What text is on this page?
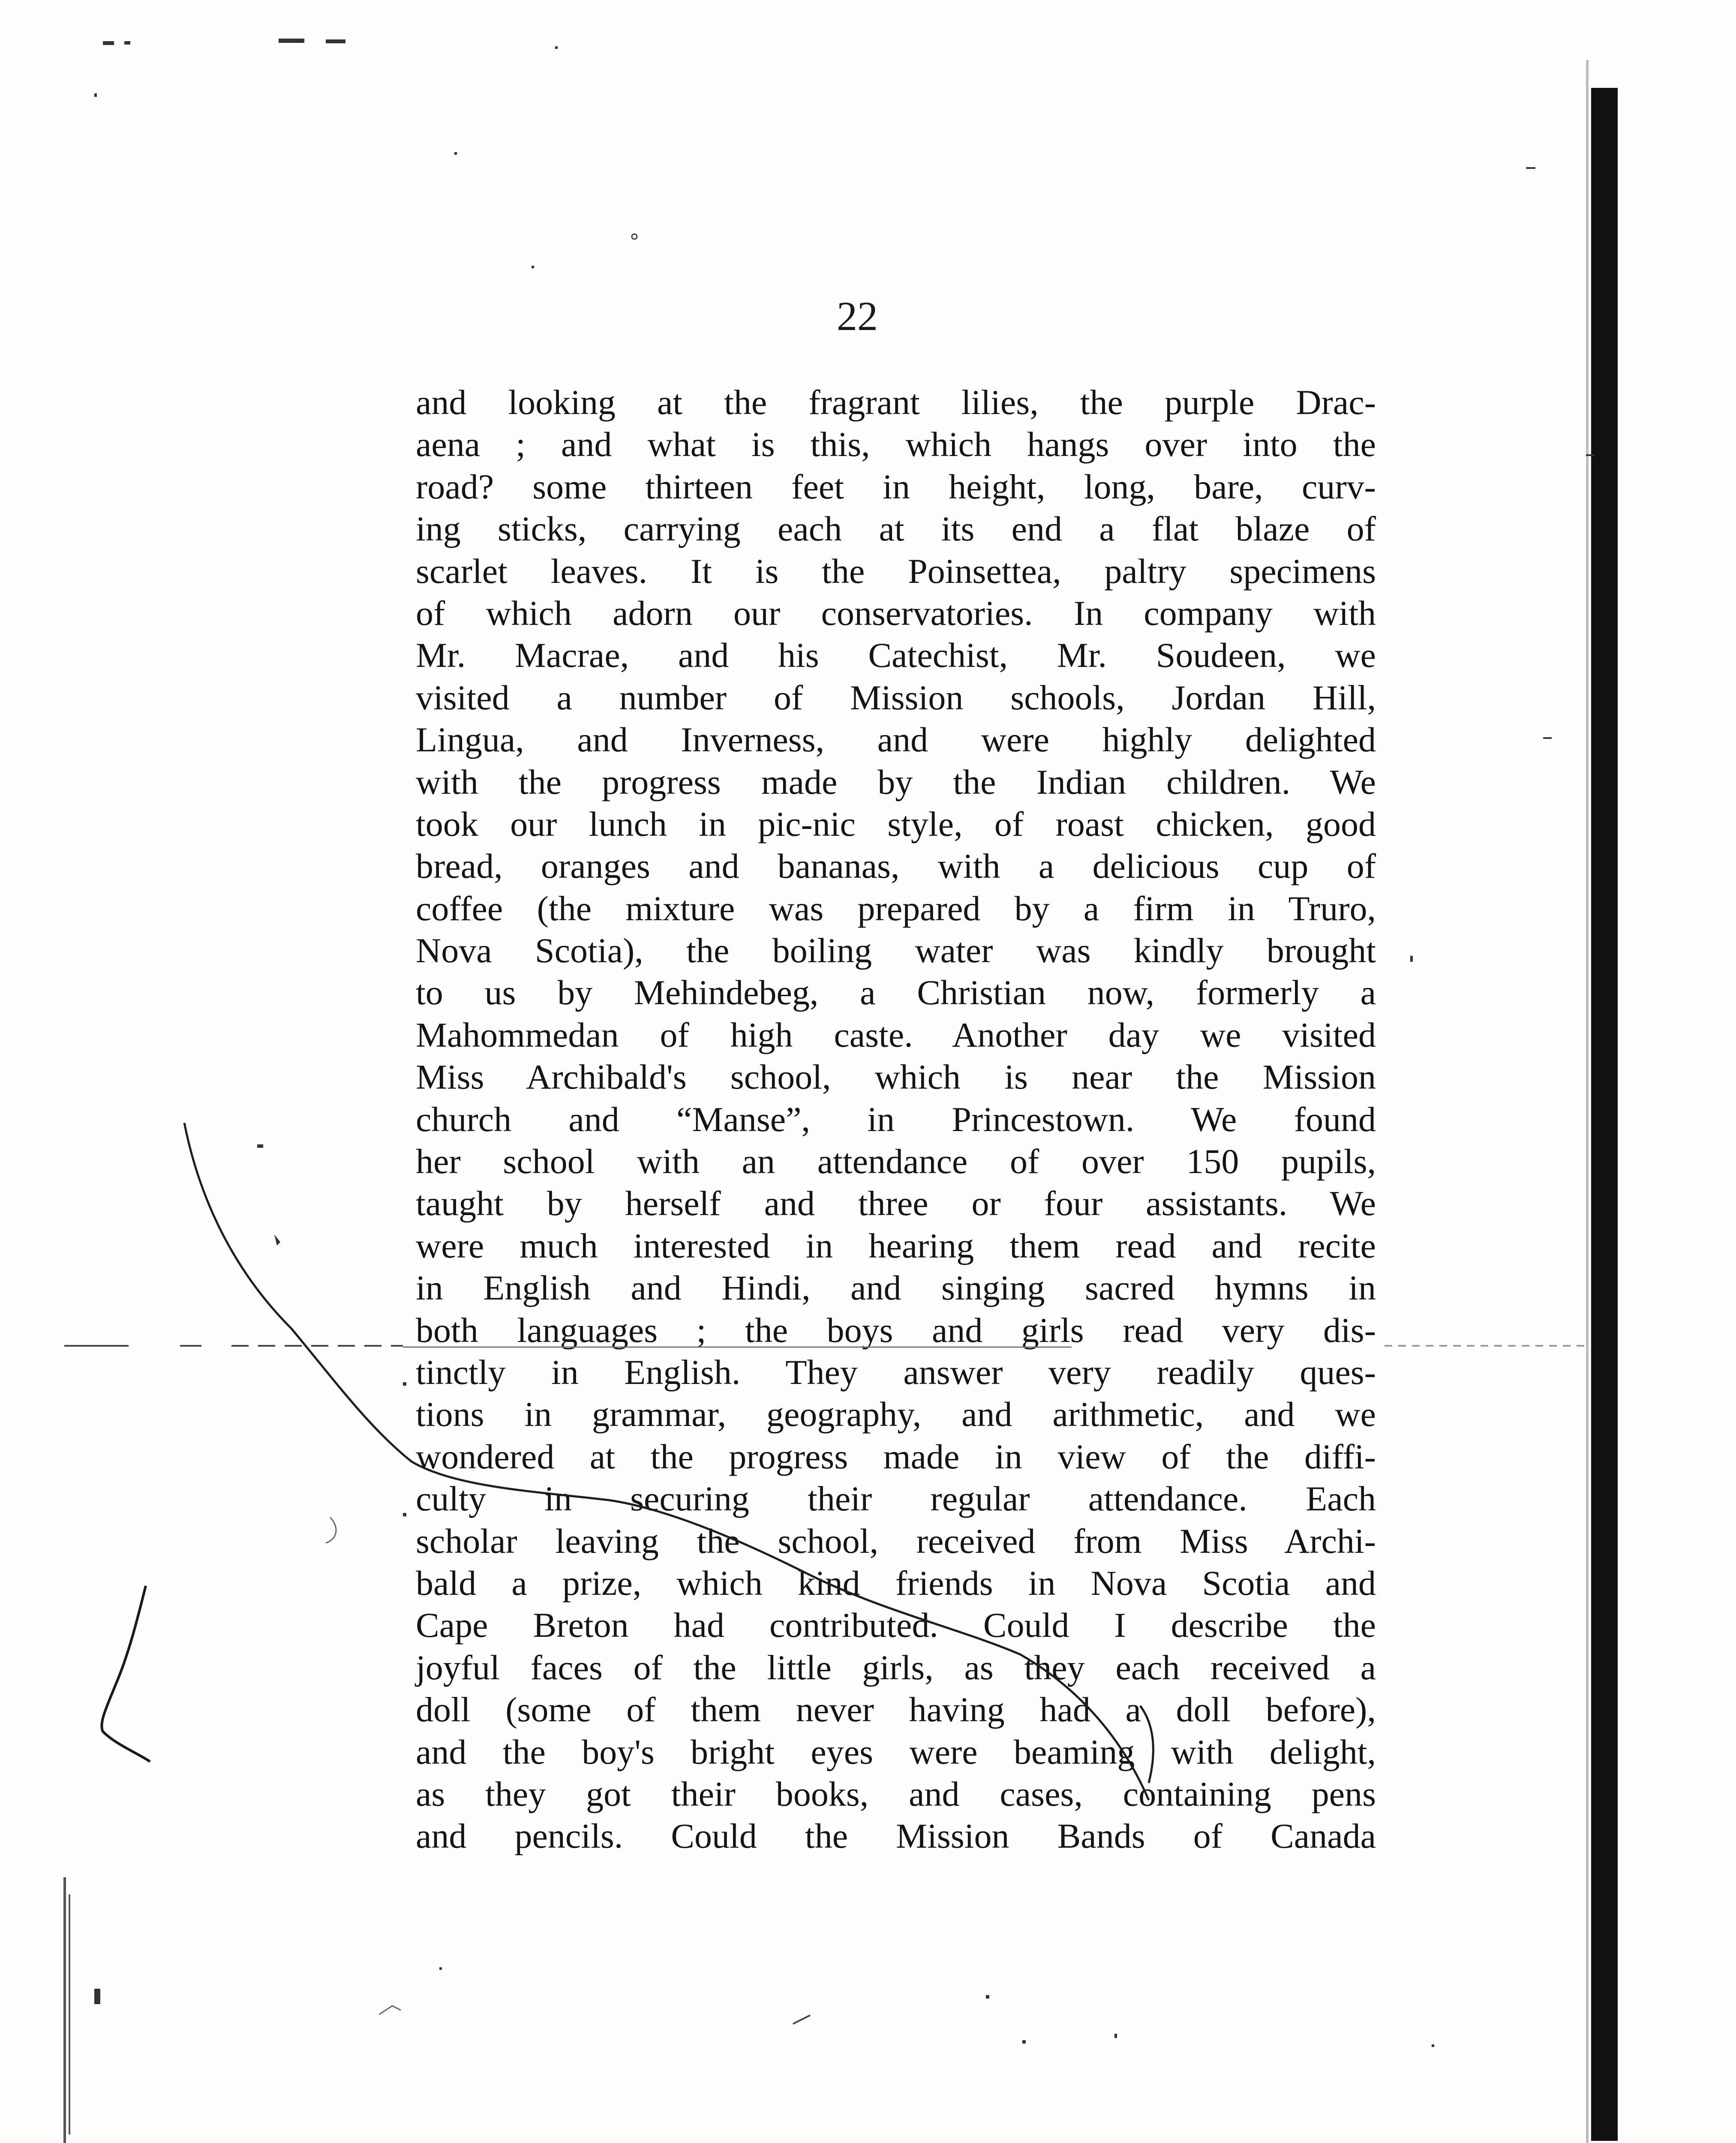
22
and looking at the fragrant lilies, the purple Drac-
aena ; and what is this, which hangs over into the
road? some thirteen feet in height, long, bare, curv-
ing sticks, carrying each at its end a flat blaze of
scarlet leaves. It is the Poinsettea, paltry specimens
of which adorn our conservatories. In company with
Mr. Macrae, and his Catechist, Mr. Soudeen, we
visited a number of Mission schools, Jordan Hill,
Lingua, and Inverness, and were highly delighted
with the progress made by the Indian children. We
took our lunch in pic-nic style, of roast chicken, good
bread, oranges and bananas, with a delicious cup of
coffee (the mixture was prepared by a firm in Truro,
Nova Scotia), the boiling water was kindly brought
to us by Mehindebeg, a Christian now, formerly a
Mahommedan of high caste. Another day we visited
Miss Archibald's school, which is near the Mission
church and “Manse”, in Princestown. We found
her school with an attendance of over 150 pupils,
taught by herself and three or four assistants. We
were much interested in hearing them read and recite
in English and Hindi, and singing sacred hymns in
both languages ; the boys and girls read very dis-
tinctly in English. They answer very readily ques-
tions in grammar, geography, and arithmetic, and we
wondered at the progress made in view of the diffi-
culty in securing their regular attendance. Each
scholar leaving the school, received from Miss Archi-
bald a prize, which kind friends in Nova Scotia and
Cape Breton had contributed. Could I describe the
joyful faces of the little girls, as they each received a
doll (some of them never having had a doll before),
and the boy's bright eyes were beaming with delight,
as they got their books, and cases, containing pens
and pencils. Could the Mission Bands of Canada
